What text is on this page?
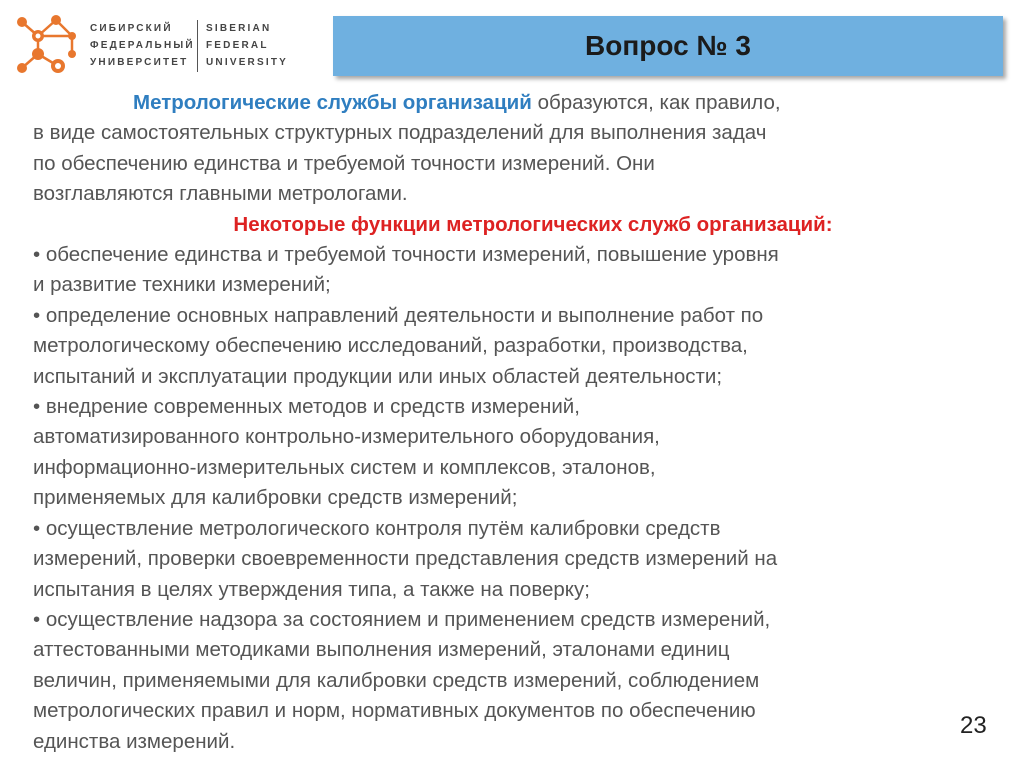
СИБИРСКИЙ
ФЕДЕРАЛЬНЫЙ
УНИВЕРСИТЕТ
SIBERIAN
FEDERAL
UNIVERSITY
Вопрос № 3

Метрологические службы организаций образуются, как правило,

в виде самостоятельных структурных подразделений для выполнения задач

по обеспечению единства и требуемой точности измерений. Они

возглавляются главными метрологами.

Некоторые функции метрологических служб организаций:

• обеспечение единства и требуемой точности измерений, повышение уровня

и развитие техники измерений;

• определение основных направлений деятельности и выполнение работ по

метрологическому обеспечению исследований, разработки, производства,

испытаний и эксплуатации продукции или иных областей деятельности;

• внедрение современных методов и средств измерений,

автоматизированного контрольно-измерительного оборудования,

информационно-измерительных систем и комплексов, эталонов,

применяемых для калибровки средств измерений;

• осуществление метрологического контроля путём калибровки средств

измерений, проверки своевременности представления средств измерений на

испытания в целях утверждения типа, а также на поверку;

• осуществление надзора за состоянием и применением средств измерений,

аттестованными методиками выполнения измерений, эталонами единиц

величин, применяемыми для калибровки средств измерений, соблюдением

метрологических правил и норм, нормативных документов по обеспечению

единства измерений.

23
